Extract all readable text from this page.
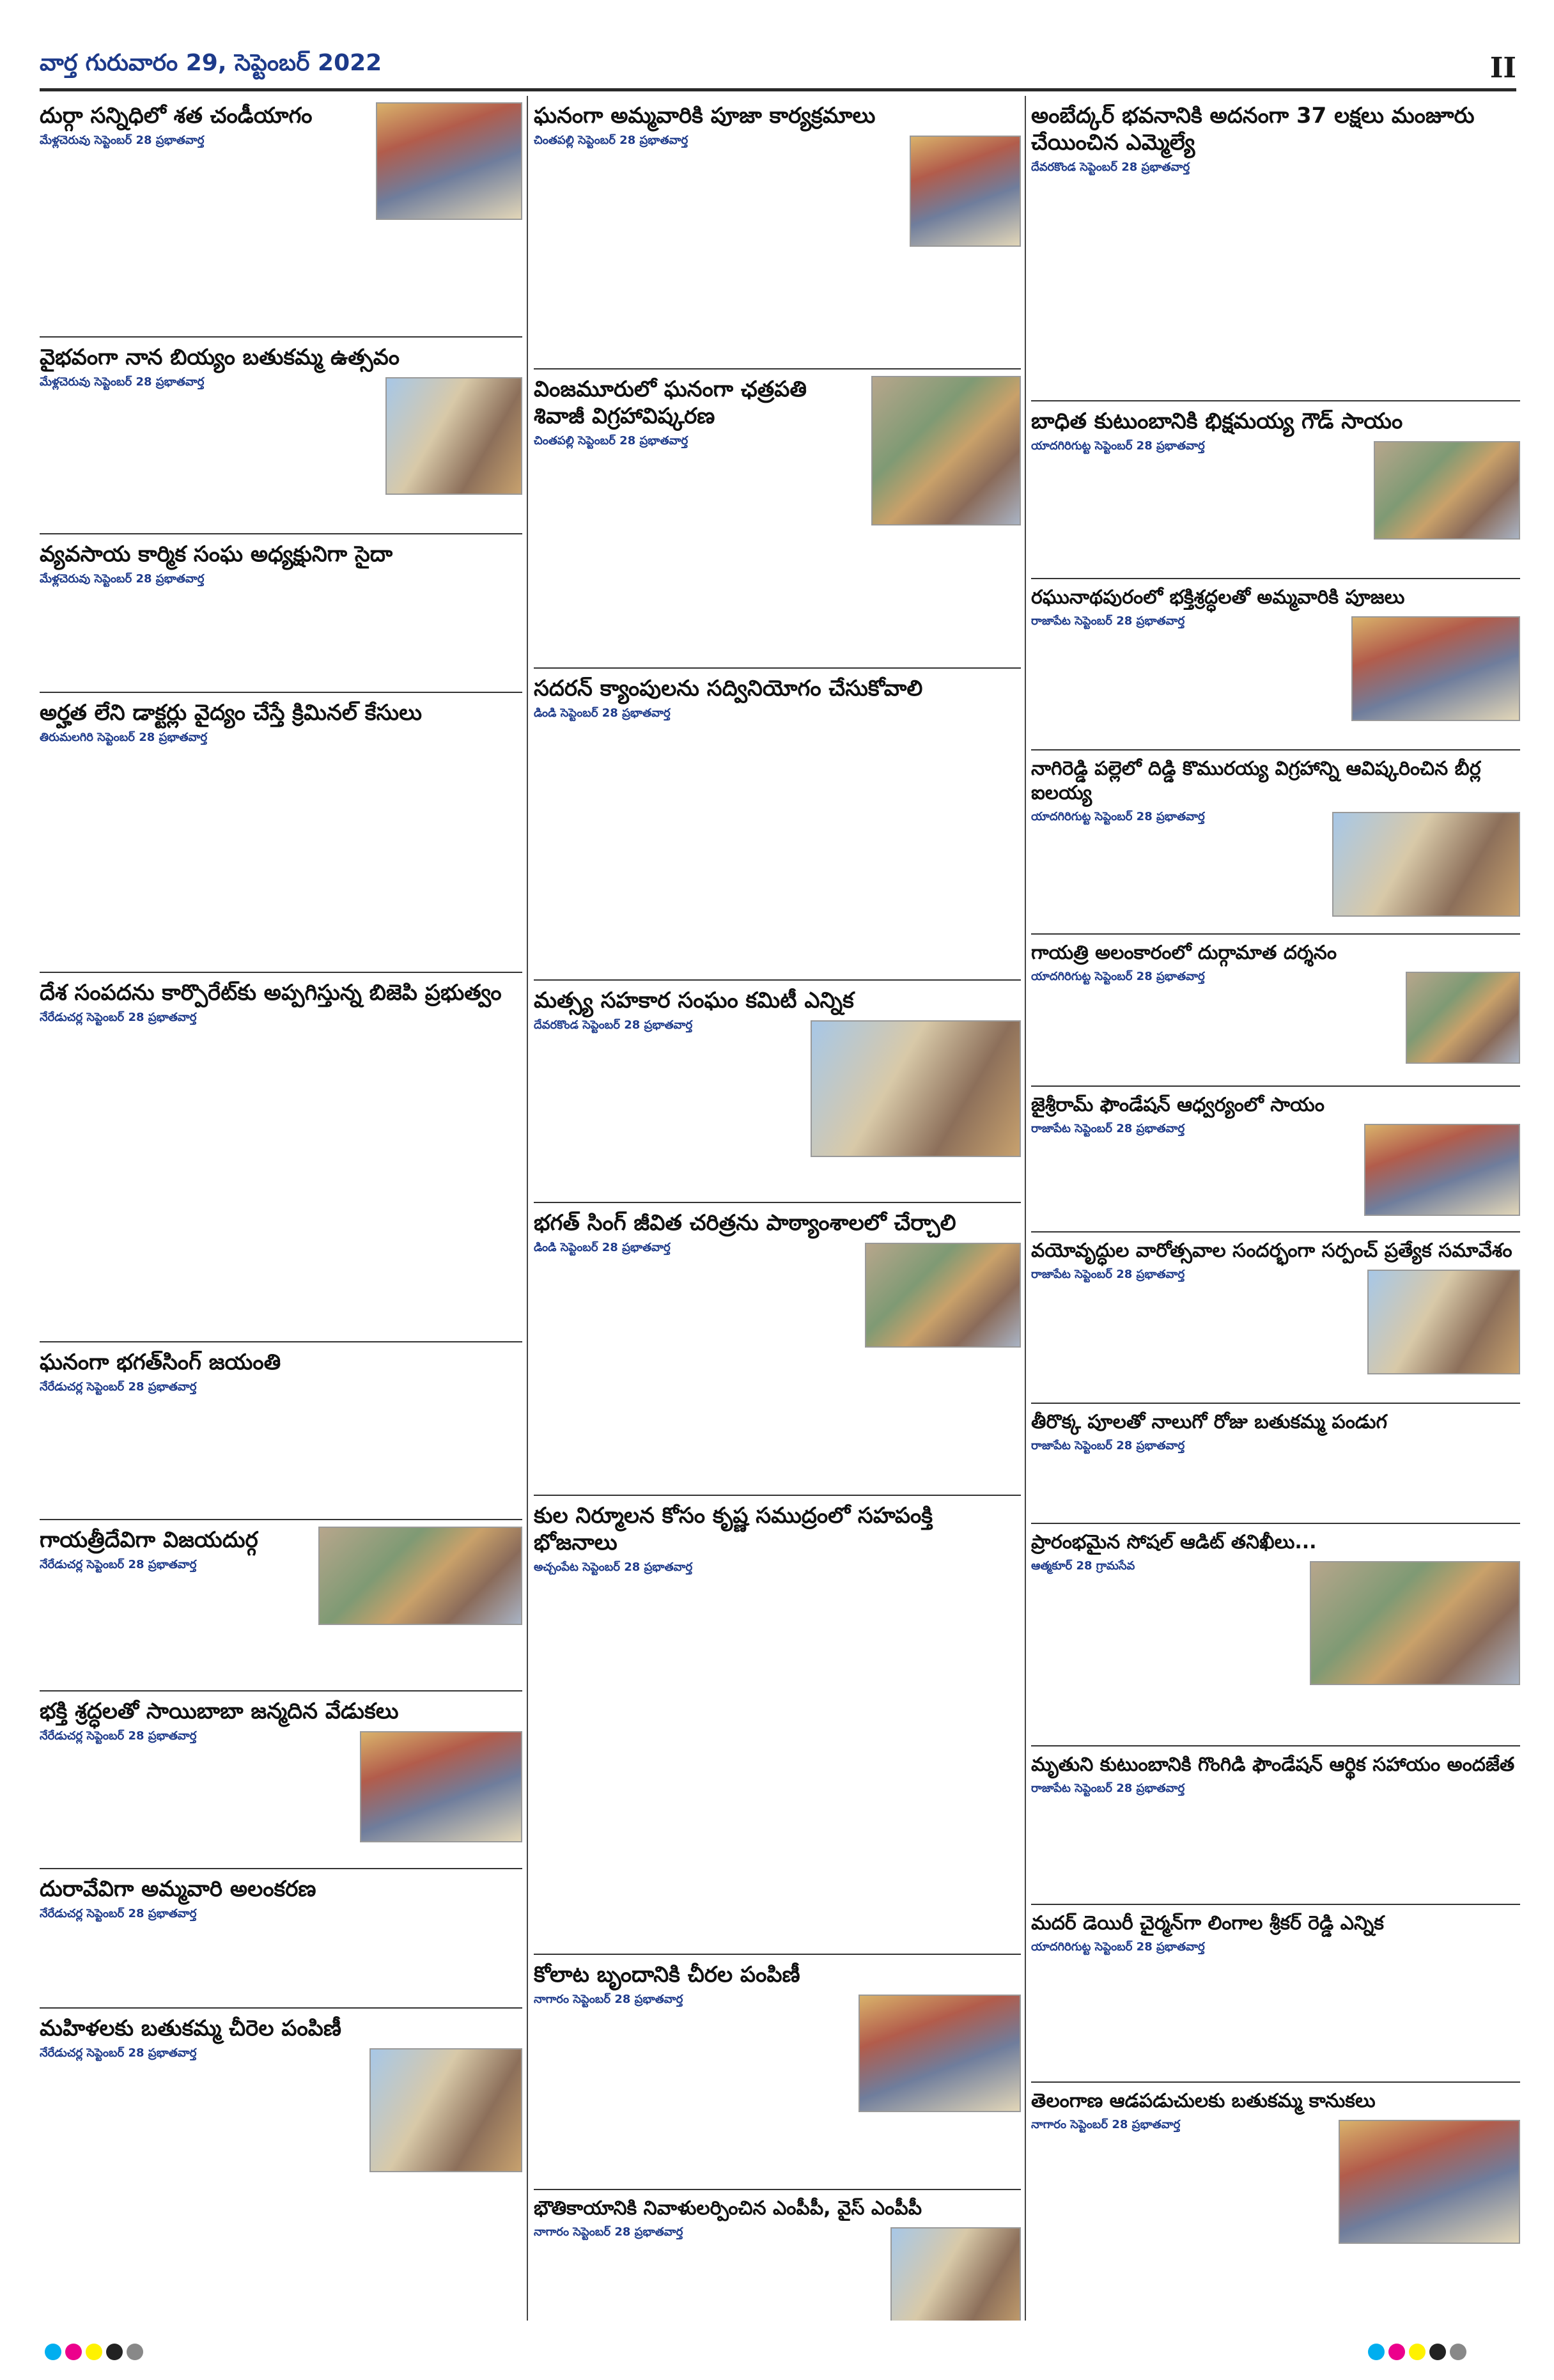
వార్త గురువారం 29, సెప్టెంబర్ 2022	II
దుర్గా సన్నిధిలో శత చండీయాగం
మేళ్లచెరువు సెప్టెంబర్ 28 ప్రభాతవార్త
వైభవంగా నాన బియ్యం బతుకమ్మ ఉత్సవం
మేళ్లచెరువు సెప్టెంబర్ 28 ప్రభాతవార్త
వ్యవసాయ కార్మిక సంఘ అధ్యక్షునిగా సైదా
మేళ్లచెరువు సెప్టెంబర్ 28 ప్రభాతవార్త
అర్హత లేని డాక్టర్లు వైద్యం చేస్తే క్రిమినల్ కేసులు
తిరుమలగిరి సెప్టెంబర్ 28 ప్రభాతవార్త
దేశ సంపదను కార్పొరేట్‌కు అప్పగిస్తున్న బిజెపి ప్రభుత్వం
నేరేడుచర్ల సెప్టెంబర్ 28 ప్రభాతవార్త
ఘనంగా భగత్‌సింగ్ జయంతి
నేరేడుచర్ల సెప్టెంబర్ 28 ప్రభాతవార్త
గాయత్రీదేవిగా విజయదుర్గ
నేరేడుచర్ల సెప్టెంబర్ 28 ప్రభాతవార్త
భక్తి శ్రద్ధలతో సాయిబాబా జన్మదిన వేడుకలు
నేరేడుచర్ల సెప్టెంబర్ 28 ప్రభాతవార్త
దురావేవిగా అమ్మవారి అలంకరణ
నేరేడుచర్ల సెప్టెంబర్ 28 ప్రభాతవార్త
మహిళలకు బతుకమ్మ చీరెల పంపిణీ
నేరేడుచర్ల సెప్టెంబర్ 28 ప్రభాతవార్త
ఘనంగా అమ్మవారికి పూజా కార్యక్రమాలు
చింతపల్లి సెప్టెంబర్ 28 ప్రభాతవార్త
వింజమూరులో ఘనంగా ఛత్రపతి శివాజీ విగ్రహావిష్కరణ
చింతపల్లి సెప్టెంబర్ 28 ప్రభాతవార్త
సదరన్ క్యాంపులను సద్వినియోగం చేసుకోవాలి
డిండి సెప్టెంబర్ 28 ప్రభాతవార్త
మత్స్య సహకార సంఘం కమిటీ ఎన్నిక
దేవరకొండ సెప్టెంబర్ 28 ప్రభాతవార్త
భగత్ సింగ్ జీవిత చరిత్రను పాఠ్యాంశాలలో చేర్చాలి
డిండి సెప్టెంబర్ 28 ప్రభాతవార్త
కుల నిర్మూలన కోసం కృష్ణ సముద్రంలో సహపంక్తి భోజనాలు
అచ్చంపేట సెప్టెంబర్ 28 ప్రభాతవార్త
కోలాట బృందానికి చీరల పంపిణీ
నాగారం సెప్టెంబర్ 28 ప్రభాతవార్త
భౌతికాయానికి నివాళులర్పించిన ఎంపీపీ, వైస్ ఎంపీపీ
నాగారం సెప్టెంబర్ 28 ప్రభాతవార్త
అంబేద్కర్ భవనానికి అదనంగా 37 లక్షలు మంజూరు చేయించిన ఎమ్మెల్యే
దేవరకొండ సెప్టెంబర్ 28 ప్రభాతవార్త
బాధిత కుటుంబానికి భిక్షమయ్య గౌడ్ సాయం
యాదగిరిగుట్ట సెప్టెంబర్ 28 ప్రభాతవార్త
రఘునాథపురంలో భక్తిశ్రద్ధలతో అమ్మవారికి పూజలు
రాజాపేట సెప్టెంబర్ 28 ప్రభాతవార్త
నాగిరెడ్డి పల్లెలో దిడ్డి కొమురయ్య విగ్రహాన్ని ఆవిష్కరించిన బీర్ల ఐలయ్య
యాదగిరిగుట్ట సెప్టెంబర్ 28 ప్రభాతవార్త
గాయత్రి అలంకారంలో దుర్గామాత దర్శనం
యాదగిరిగుట్ట సెప్టెంబర్ 28 ప్రభాతవార్త
జైశ్రీరామ్ ఫౌండేషన్ ఆధ్వర్యంలో సాయం
రాజాపేట సెప్టెంబర్ 28 ప్రభాతవార్త
వయోవృద్ధుల వారోత్సవాల సందర్భంగా సర్పంచ్ ప్రత్యేక సమావేశం
రాజాపేట సెప్టెంబర్ 28 ప్రభాతవార్త
తీరొక్క పూలతో నాలుగో రోజు బతుకమ్మ పండుగ
రాజాపేట సెప్టెంబర్ 28 ప్రభాతవార్త
ప్రారంభమైన సోషల్ ఆడిట్ తనిఖీలు...
ఆత్మకూర్ 28 గ్రామసేవ
మృతుని కుటుంబానికి గొంగిడి ఫౌండేషన్ ఆర్థిక సహాయం అందజేత
రాజాపేట సెప్టెంబర్ 28 ప్రభాతవార్త
మదర్ డెయిరీ చైర్మన్‌గా లింగాల శ్రీకర్ రెడ్డి ఎన్నిక
యాదగిరిగుట్ట సెప్టెంబర్ 28 ప్రభాతవార్త
తెలంగాణ ఆడపడుచులకు బతుకమ్మ కానుకలు
నాగారం సెప్టెంబర్ 28 ప్రభాతవార్త
